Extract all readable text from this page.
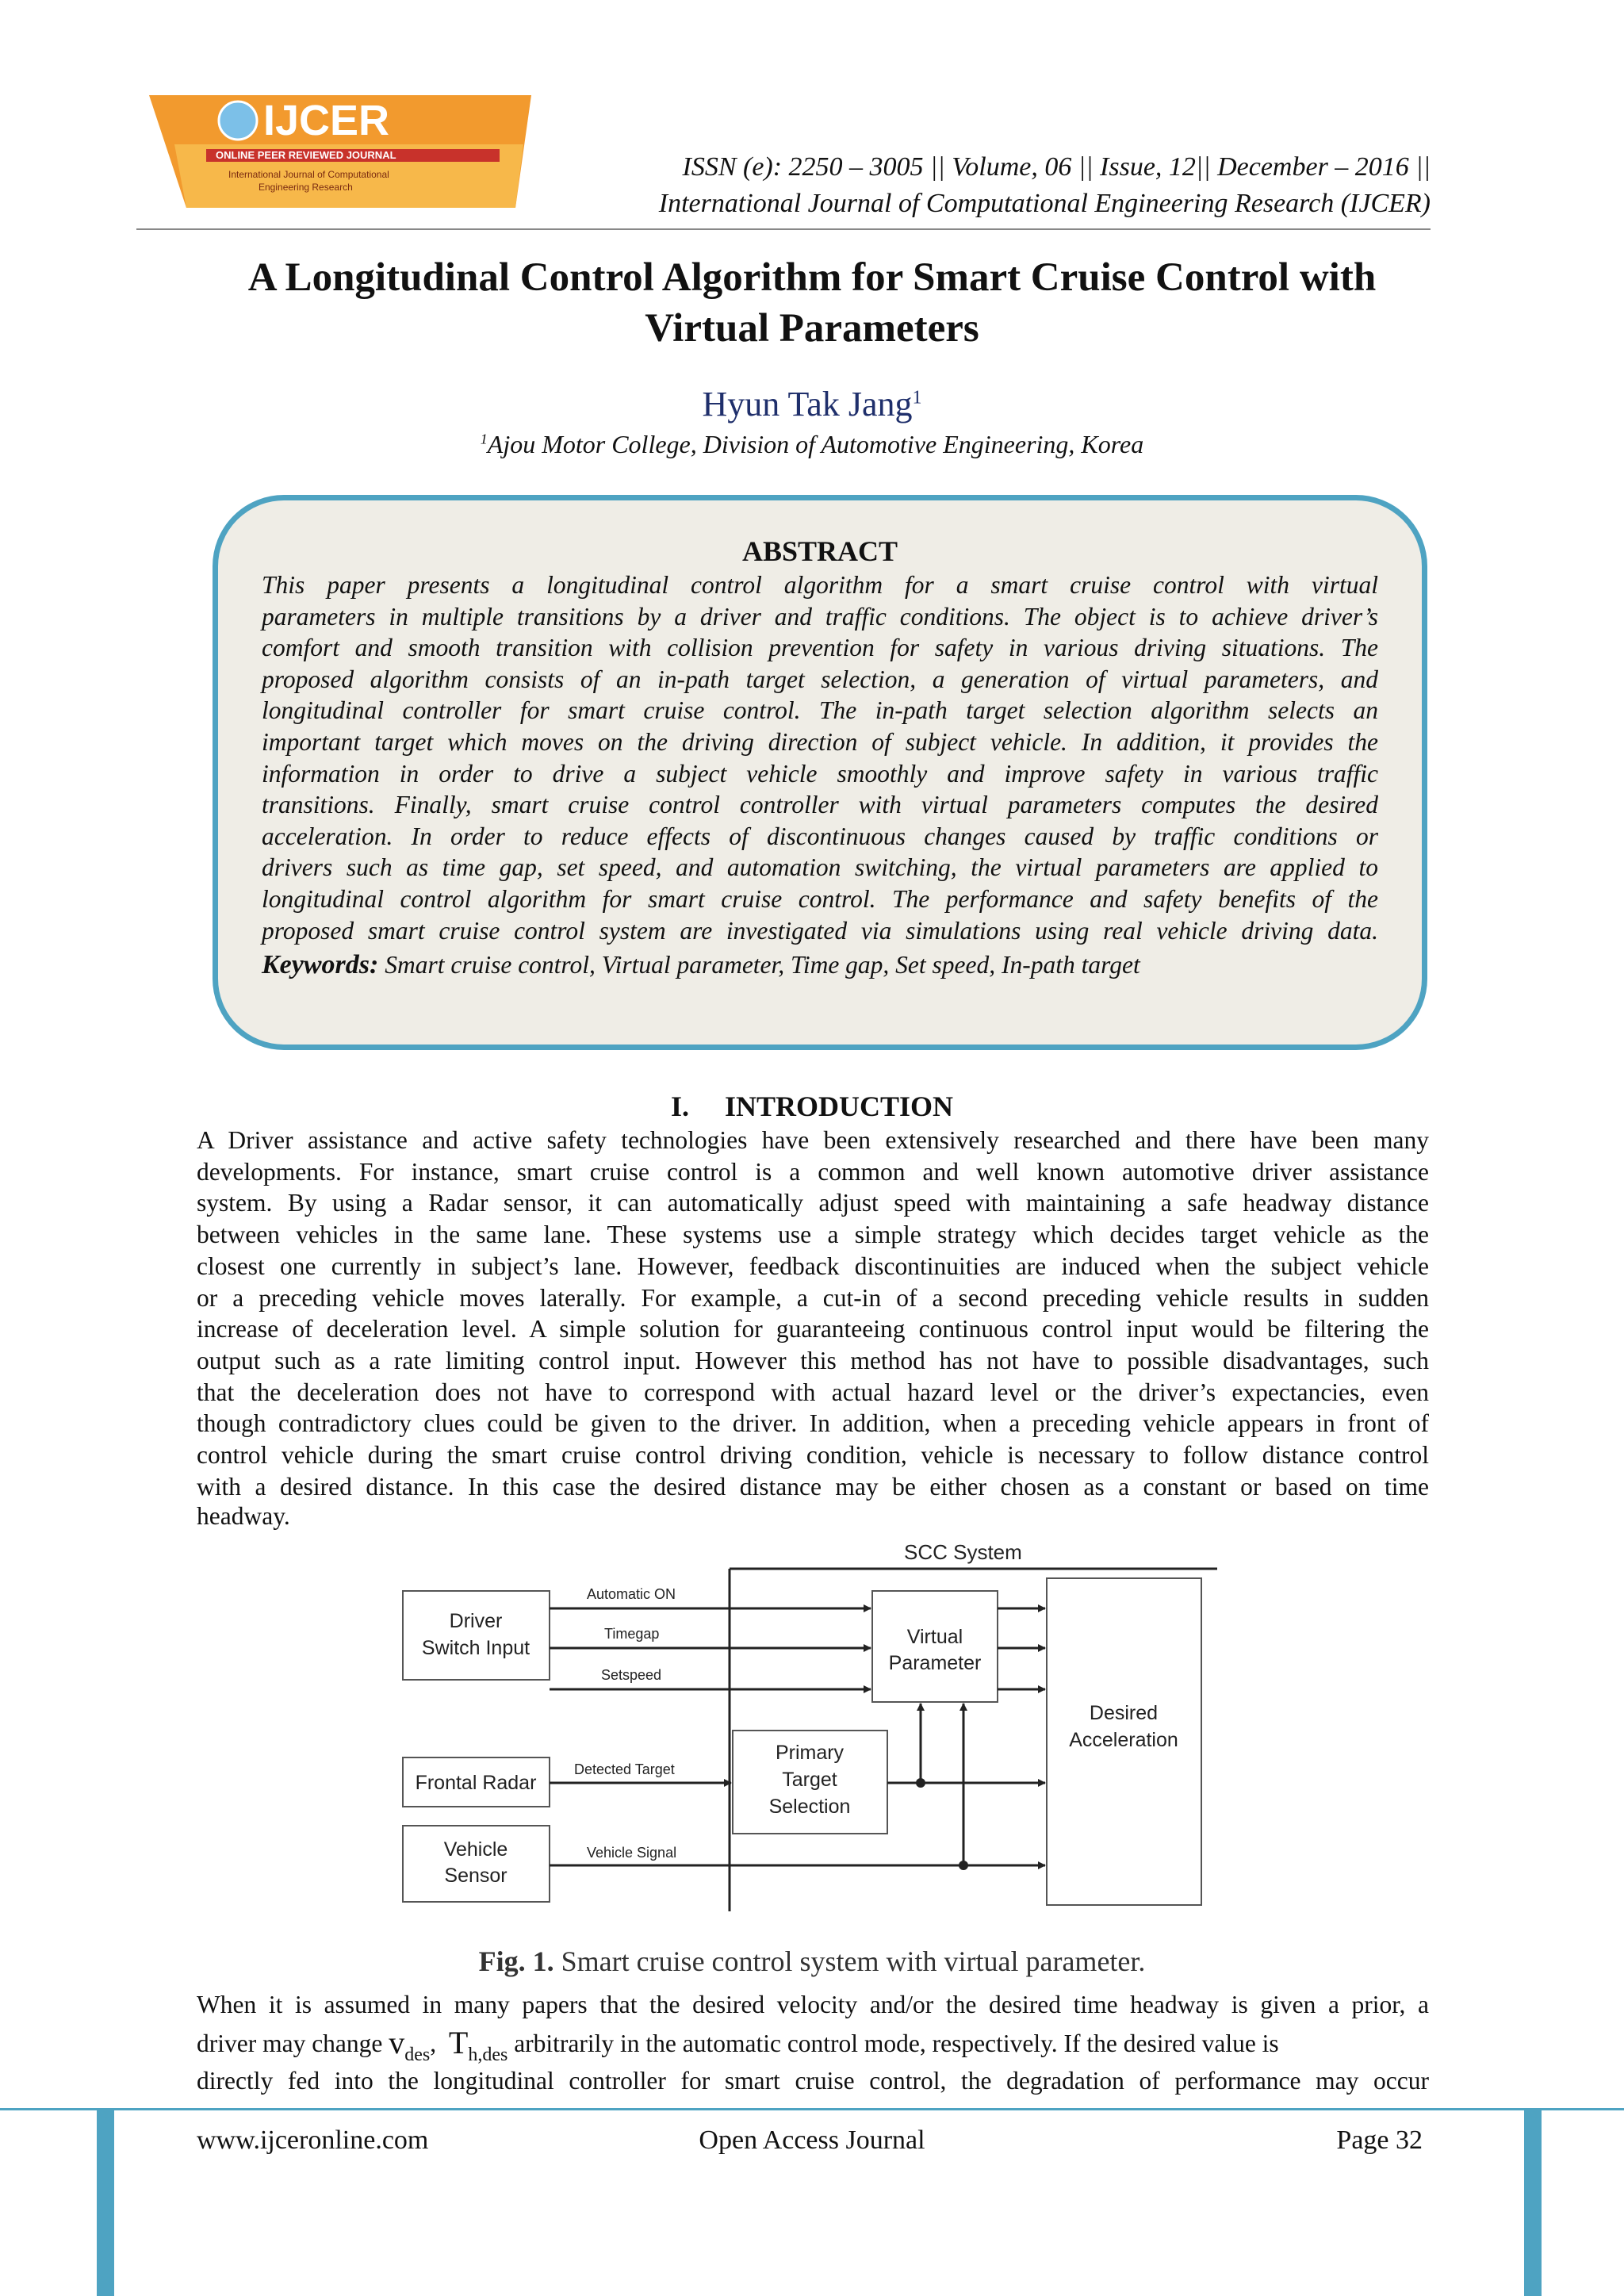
IJCER
ONLINE PEER REVIEWED JOURNAL
International Journal of Computational
Engineering Research
ISSN (e): 2250 – 3005 || Volume, 06 || Issue, 12|| December – 2016 ||
International Journal of Computational Engineering Research (IJCER)
A Longitudinal Control Algorithm for Smart Cruise Control with
Virtual Parameters
Hyun Tak Jang$^1$
$^1$Ajou Motor College, Division of Automotive Engineering, Korea
ABSTRACT
This paper presents a longitudinal control algorithm for a smart cruise control with virtual
parameters in multiple transitions by a driver and traffic conditions. The object is to achieve driver’s
comfort and smooth transition with collision prevention for safety in various driving situations. The
proposed algorithm consists of an in-path target selection, a generation of virtual parameters, and
longitudinal controller for smart cruise control. The in-path target selection algorithm selects an
important target which moves on the driving direction of subject vehicle. In addition, it provides the
information in order to drive a subject vehicle smoothly and improve safety in various traffic
transitions. Finally, smart cruise control controller with virtual parameters computes the desired
acceleration. In order to reduce effects of discontinuous changes caused by traffic conditions or
drivers such as time gap, set speed, and automation switching, the virtual parameters are applied to
longitudinal control algorithm for smart cruise control. The performance and safety benefits of the
proposed smart cruise control system are investigated via simulations using real vehicle driving data.
Keywords: Smart cruise control, Virtual parameter, Time gap, Set speed, In-path target
I.     INTRODUCTION
A Driver assistance and active safety technologies have been extensively researched and there have been many
developments. For instance, smart cruise control is a common and well known automotive driver assistance
system. By using a Radar sensor, it can automatically adjust speed with maintaining a safe headway distance
between vehicles in the same lane. These systems use a simple strategy which decides target vehicle as the
closest one currently in subject’s lane. However, feedback discontinuities are induced when the subject vehicle
or a preceding vehicle moves laterally. For example, a cut-in of a second preceding vehicle results in sudden
increase of deceleration level. A simple solution for guaranteeing continuous control input would be filtering the
output such as a rate limiting control input. However this method has not have to possible disadvantages, such
that the deceleration does not have to correspond with actual hazard level or the driver’s expectancies, even
though contradictory clues could be given to the driver. In addition, when a preceding vehicle appears in front of
control vehicle during the smart cruise control driving condition, vehicle is necessary to follow distance control
with a desired distance. In this case the desired distance may be either chosen as a constant or based on time
headway.
SCC System
Driver
Switch Input
Frontal Radar
Vehicle
Sensor
Automatic ON
Timegap
Setspeed
Virtual
Parameter
Detected Target
Primary
Target
Selection
Vehicle Signal
Desired
Acceleration
Fig. 1. Smart cruise control system with virtual parameter.
When it is assumed in many papers that the desired velocity and/or the desired time headway is given a prior, a
driver may change $v_{des}$,  $T_{h,des}$ arbitrarily in the automatic control mode, respectively. If the desired value is
directly fed into the longitudinal controller for smart cruise control, the degradation of performance may occur
www.ijceronline.com	Open Access Journal	Page 32
